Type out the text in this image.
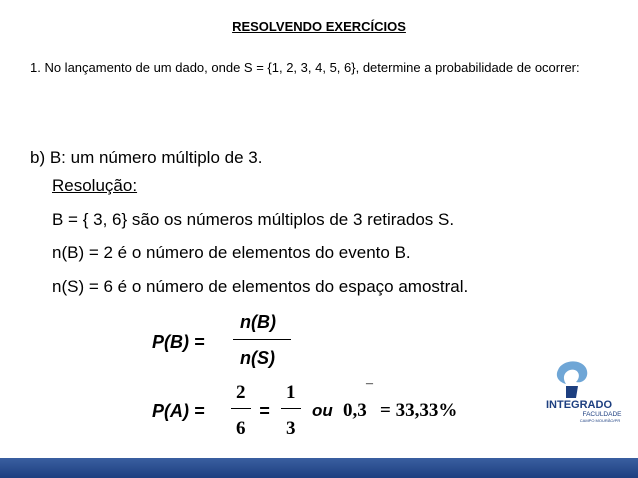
RESOLVENDO EXERCÍCIOS
1. No lançamento de um dado, onde S = {1, 2, 3, 4, 5, 6}, determine a probabilidade de ocorrer:
b) B: um número múltiplo de 3.
Resolução:
B = { 3, 6} são os números múltiplos de 3 retirados S.
n(B) = 2 é o número de elementos do evento B.
n(S) = 6 é o número de elementos do espaço amostral.
P(B) =
n(B)
n(S)
P(A) =
2
6
=
1
3
ou
–
0,3 = 33,33%	INTEGRADO
FACULDADE
CAMPO MOURÃO/PR
